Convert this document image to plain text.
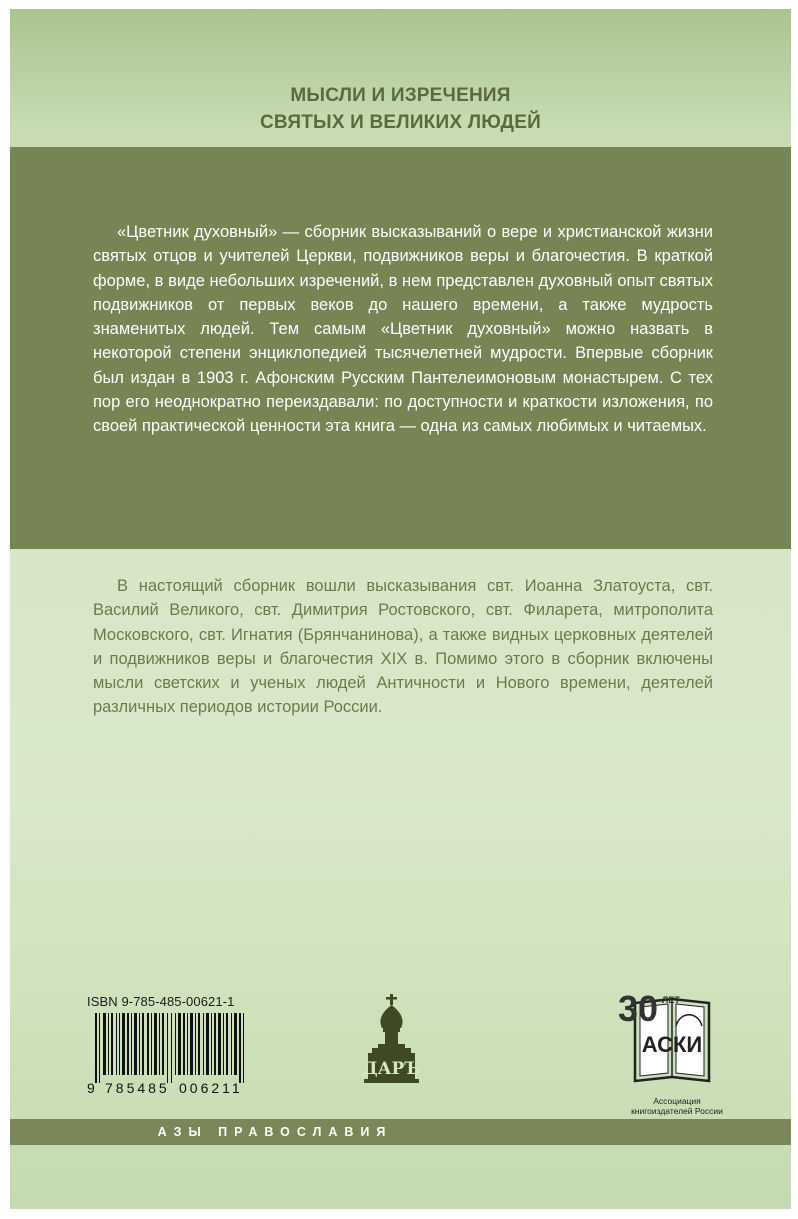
МЫСЛИ И ИЗРЕЧЕНИЯ
СВЯТЫХ И ВЕЛИКИХ ЛЮДЕЙ
«Цветник духовный» — сборник высказываний о вере и христианской жизни святых отцов и учителей Церкви, подвижников веры и благочестия. В краткой форме, в виде небольших изречений, в нем представлен духовный опыт святых подвижников от первых веков до нашего времени, а также мудрость знаменитых людей. Тем самым «Цветник духовный» можно назвать в некоторой степени энциклопедией тысячелетней мудрости. Впервые сборник был издан в 1903 г. Афонским Русским Пантелеимоновым монастырем. С тех пор его неоднократно переиздавали: по доступности и краткости изложения, по своей практической ценности эта книга — одна из самых любимых и читаемых.
В настоящий сборник вошли высказывания свт. Иоанна Златоуста, свт. Василий Великого, свт. Димитрия Ростовского, свт. Филарета, митрополита Московского, свт. Игнатия (Брянчанинова), а также видных церковных деятелей и подвижников веры и благочестия XIX в. Помимо этого в сборник включены мысли светских и ученых людей Античности и Нового времени, деятелей различных периодов истории России.
ISBN 9-785-485-00621-1
9 785485 006211
ДАРЪ
30 ЛЕТ
АСКИ
Ассоциация
книгоиздателей России
АЗЫ ПРАВОСЛАВИЯ
